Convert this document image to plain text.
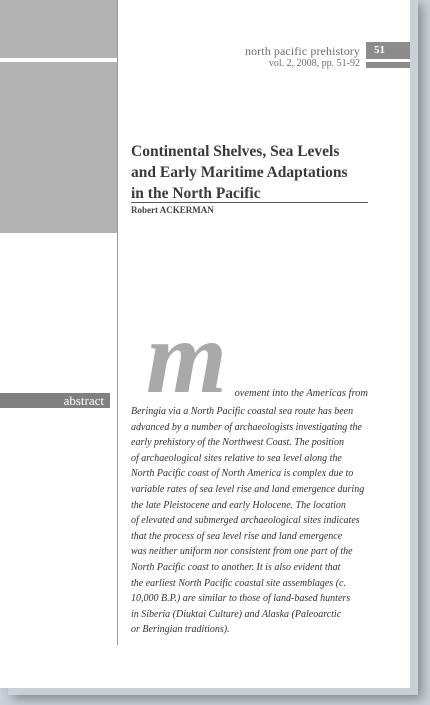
north pacific prehistory
vol. 2, 2008, pp. 51-92
51
Continental Shelves, Sea Levels
and Early Maritime Adaptations
in the North Pacific
Robert ACKERMAN
abstract m ovement into the Americas from

Beringia via a North Pacific coastal sea route has been
advanced by a number of archaeologists investigating the
early prehistory of the Northwest Coast. The position
of archaeological sites relative to sea level along the
North Pacific coast of North America is complex due to
variable rates of sea level rise and land emergence during
the late Pleistocene and early Holocene. The location
of elevated and submerged archaeological sites indicates
that the process of sea level rise and land emergence
was neither uniform nor consistent from one part of the
North Pacific coast to another. It is also evident that
the earliest North Pacific coastal site assemblages (c.
10,000 B.P.) are similar to those of land-based hunters
in Siberia (Diuktai Culture) and Alaska (Paleoarctic
or Beringian traditions).
